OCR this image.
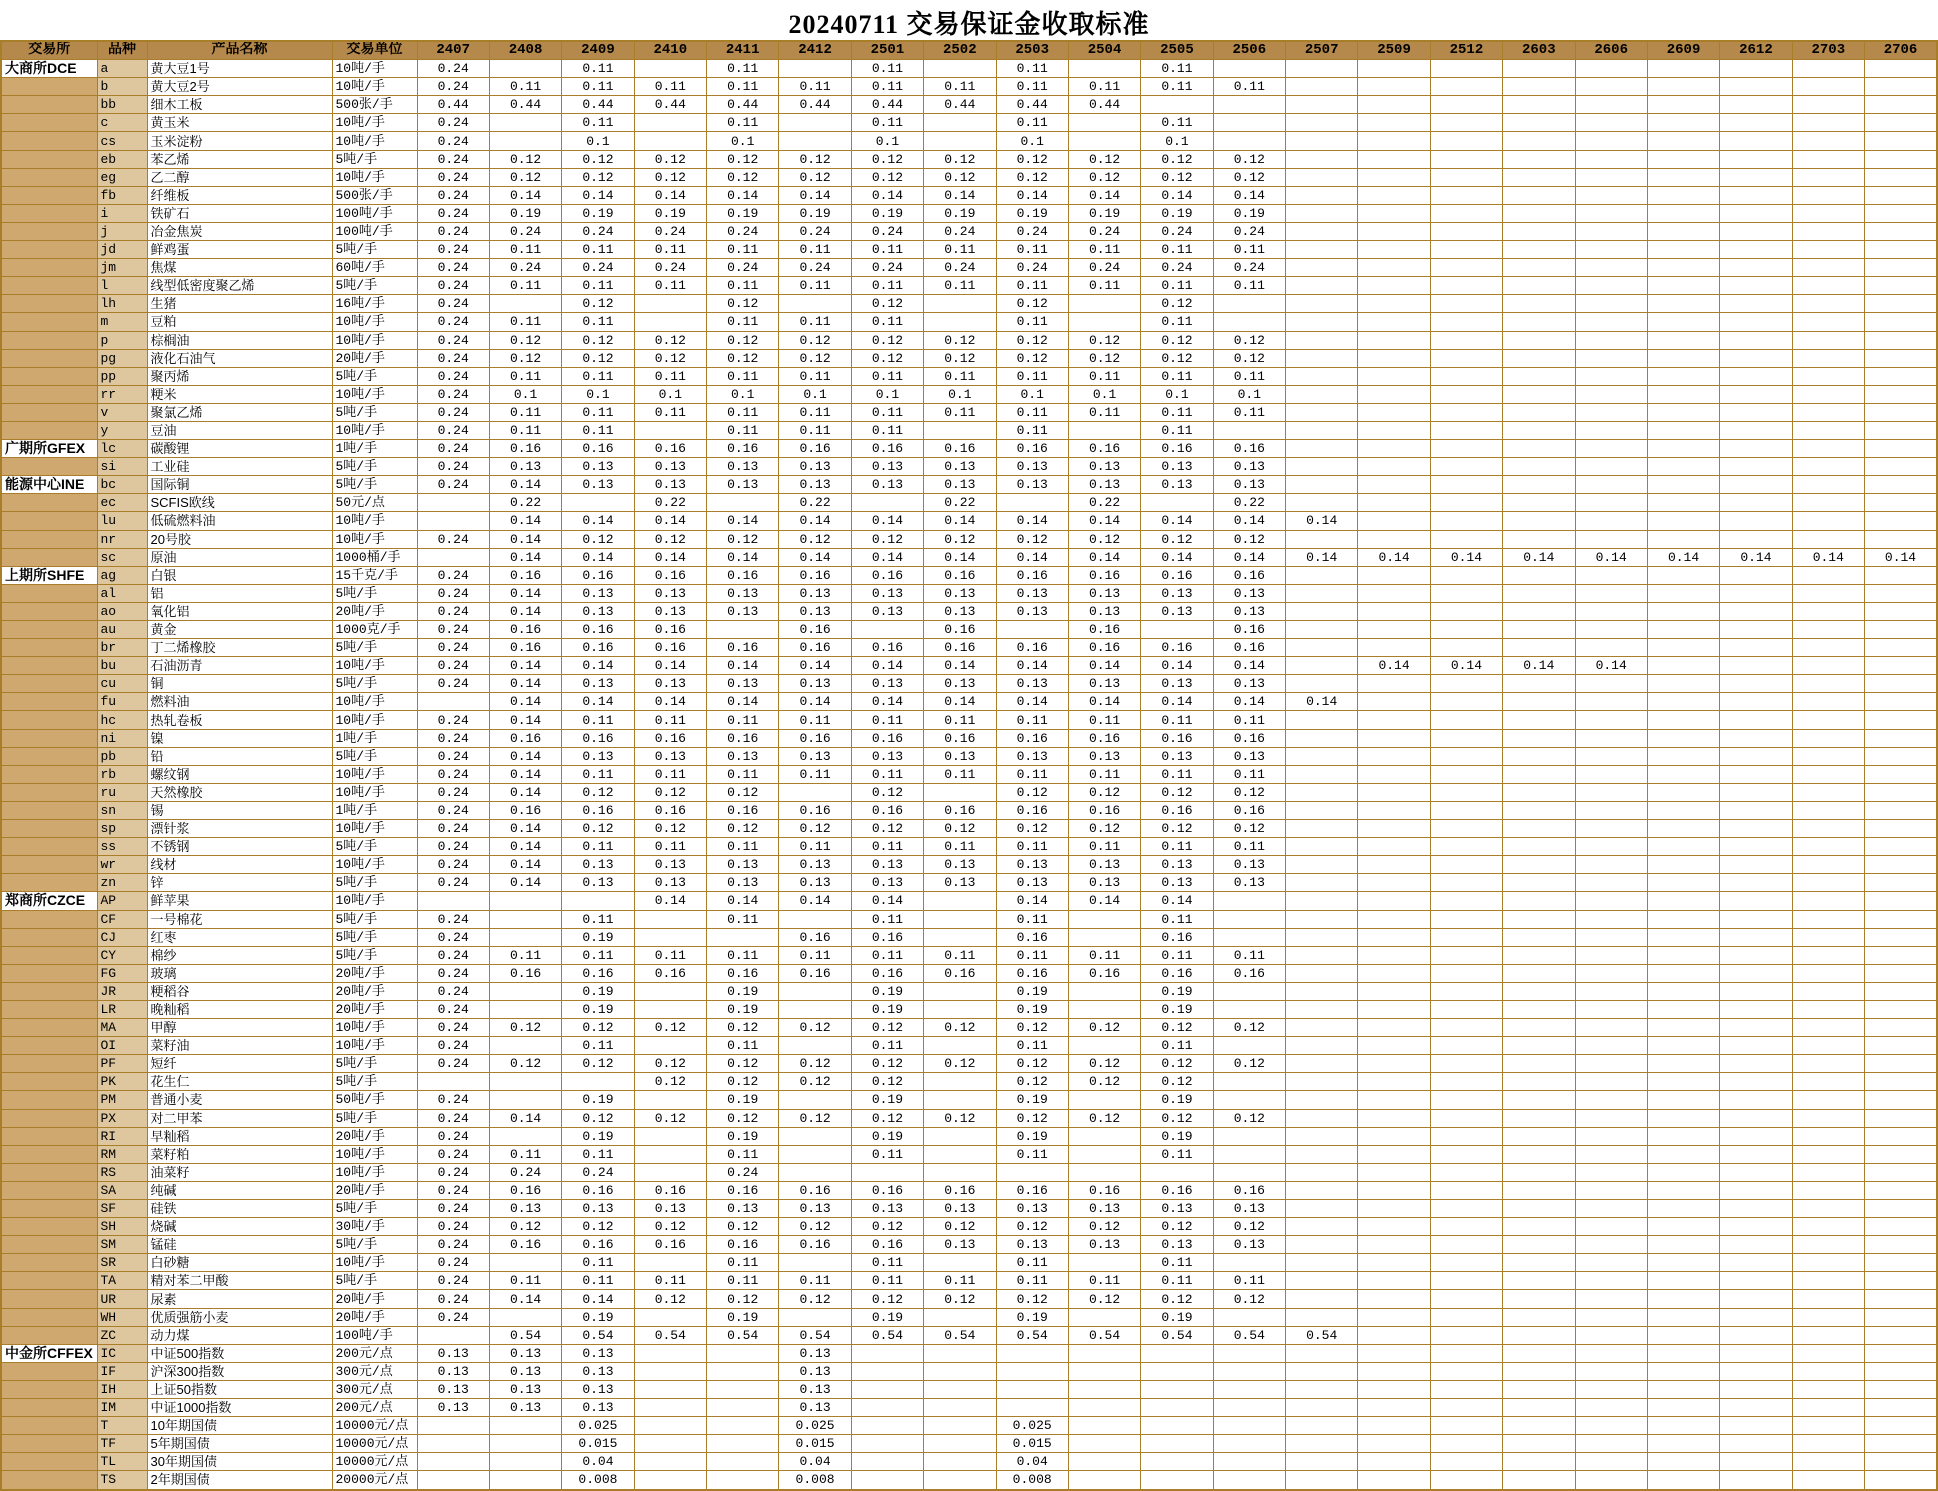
20240711 交易保证金收取标准
交易所	品种	产品名称	交易单位	2407	2408	2409	2410	2411	2412	2501	2502	2503	2504	2505	2506	2507	2509	2512	2603	2606	2609	2612	2703	2706
大商所DCE	a	黄大豆1号	10吨/手	0.24		0.11		0.11		0.11		0.11		0.11										
	b	黄大豆2号	10吨/手	0.24	0.11	0.11	0.11	0.11	0.11	0.11	0.11	0.11	0.11	0.11	0.11									
	bb	细木工板	500张/手	0.44	0.44	0.44	0.44	0.44	0.44	0.44	0.44	0.44	0.44											
	c	黄玉米	10吨/手	0.24		0.11		0.11		0.11		0.11		0.11										
	cs	玉米淀粉	10吨/手	0.24		0.1		0.1		0.1		0.1		0.1										
	eb	苯乙烯	5吨/手	0.24	0.12	0.12	0.12	0.12	0.12	0.12	0.12	0.12	0.12	0.12	0.12									
	eg	乙二醇	10吨/手	0.24	0.12	0.12	0.12	0.12	0.12	0.12	0.12	0.12	0.12	0.12	0.12									
	fb	纤维板	500张/手	0.24	0.14	0.14	0.14	0.14	0.14	0.14	0.14	0.14	0.14	0.14	0.14									
	i	铁矿石	100吨/手	0.24	0.19	0.19	0.19	0.19	0.19	0.19	0.19	0.19	0.19	0.19	0.19									
	j	冶金焦炭	100吨/手	0.24	0.24	0.24	0.24	0.24	0.24	0.24	0.24	0.24	0.24	0.24	0.24									
	jd	鲜鸡蛋	5吨/手	0.24	0.11	0.11	0.11	0.11	0.11	0.11	0.11	0.11	0.11	0.11	0.11									
	jm	焦煤	60吨/手	0.24	0.24	0.24	0.24	0.24	0.24	0.24	0.24	0.24	0.24	0.24	0.24									
	l	线型低密度聚乙烯	5吨/手	0.24	0.11	0.11	0.11	0.11	0.11	0.11	0.11	0.11	0.11	0.11	0.11									
	lh	生猪	16吨/手	0.24		0.12		0.12		0.12		0.12		0.12										
	m	豆粕	10吨/手	0.24	0.11	0.11		0.11	0.11	0.11		0.11		0.11										
	p	棕榈油	10吨/手	0.24	0.12	0.12	0.12	0.12	0.12	0.12	0.12	0.12	0.12	0.12	0.12									
	pg	液化石油气	20吨/手	0.24	0.12	0.12	0.12	0.12	0.12	0.12	0.12	0.12	0.12	0.12	0.12									
	pp	聚丙烯	5吨/手	0.24	0.11	0.11	0.11	0.11	0.11	0.11	0.11	0.11	0.11	0.11	0.11									
	rr	粳米	10吨/手	0.24	0.1	0.1	0.1	0.1	0.1	0.1	0.1	0.1	0.1	0.1	0.1									
	v	聚氯乙烯	5吨/手	0.24	0.11	0.11	0.11	0.11	0.11	0.11	0.11	0.11	0.11	0.11	0.11									
	y	豆油	10吨/手	0.24	0.11	0.11		0.11	0.11	0.11		0.11		0.11										
广期所GFEX	lc	碳酸锂	1吨/手	0.24	0.16	0.16	0.16	0.16	0.16	0.16	0.16	0.16	0.16	0.16	0.16									
	si	工业硅	5吨/手	0.24	0.13	0.13	0.13	0.13	0.13	0.13	0.13	0.13	0.13	0.13	0.13									
能源中心INE	bc	国际铜	5吨/手	0.24	0.14	0.13	0.13	0.13	0.13	0.13	0.13	0.13	0.13	0.13	0.13									
	ec	SCFIS欧线	50元/点		0.22		0.22		0.22		0.22		0.22		0.22									
	lu	低硫燃料油	10吨/手		0.14	0.14	0.14	0.14	0.14	0.14	0.14	0.14	0.14	0.14	0.14	0.14								
	nr	20号胶	10吨/手	0.24	0.14	0.12	0.12	0.12	0.12	0.12	0.12	0.12	0.12	0.12	0.12									
	sc	原油	1000桶/手		0.14	0.14	0.14	0.14	0.14	0.14	0.14	0.14	0.14	0.14	0.14	0.14	0.14	0.14	0.14	0.14	0.14	0.14	0.14	0.14
上期所SHFE	ag	白银	15千克/手	0.24	0.16	0.16	0.16	0.16	0.16	0.16	0.16	0.16	0.16	0.16	0.16									
	al	铝	5吨/手	0.24	0.14	0.13	0.13	0.13	0.13	0.13	0.13	0.13	0.13	0.13	0.13									
	ao	氧化铝	20吨/手	0.24	0.14	0.13	0.13	0.13	0.13	0.13	0.13	0.13	0.13	0.13	0.13									
	au	黄金	1000克/手	0.24	0.16	0.16	0.16		0.16		0.16		0.16		0.16									
	br	丁二烯橡胶	5吨/手	0.24	0.16	0.16	0.16	0.16	0.16	0.16	0.16	0.16	0.16	0.16	0.16									
	bu	石油沥青	10吨/手	0.24	0.14	0.14	0.14	0.14	0.14	0.14	0.14	0.14	0.14	0.14	0.14		0.14	0.14	0.14	0.14				
	cu	铜	5吨/手	0.24	0.14	0.13	0.13	0.13	0.13	0.13	0.13	0.13	0.13	0.13	0.13									
	fu	燃料油	10吨/手		0.14	0.14	0.14	0.14	0.14	0.14	0.14	0.14	0.14	0.14	0.14	0.14								
	hc	热轧卷板	10吨/手	0.24	0.14	0.11	0.11	0.11	0.11	0.11	0.11	0.11	0.11	0.11	0.11									
	ni	镍	1吨/手	0.24	0.16	0.16	0.16	0.16	0.16	0.16	0.16	0.16	0.16	0.16	0.16									
	pb	铅	5吨/手	0.24	0.14	0.13	0.13	0.13	0.13	0.13	0.13	0.13	0.13	0.13	0.13									
	rb	螺纹钢	10吨/手	0.24	0.14	0.11	0.11	0.11	0.11	0.11	0.11	0.11	0.11	0.11	0.11									
	ru	天然橡胶	10吨/手	0.24	0.14	0.12	0.12	0.12		0.12		0.12	0.12	0.12	0.12									
	sn	锡	1吨/手	0.24	0.16	0.16	0.16	0.16	0.16	0.16	0.16	0.16	0.16	0.16	0.16									
	sp	漂针浆	10吨/手	0.24	0.14	0.12	0.12	0.12	0.12	0.12	0.12	0.12	0.12	0.12	0.12									
	ss	不锈钢	5吨/手	0.24	0.14	0.11	0.11	0.11	0.11	0.11	0.11	0.11	0.11	0.11	0.11									
	wr	线材	10吨/手	0.24	0.14	0.13	0.13	0.13	0.13	0.13	0.13	0.13	0.13	0.13	0.13									
	zn	锌	5吨/手	0.24	0.14	0.13	0.13	0.13	0.13	0.13	0.13	0.13	0.13	0.13	0.13									
郑商所CZCE	AP	鲜苹果	10吨/手				0.14	0.14	0.14	0.14		0.14	0.14	0.14										
	CF	一号棉花	5吨/手	0.24		0.11		0.11		0.11		0.11		0.11										
	CJ	红枣	5吨/手	0.24		0.19			0.16	0.16		0.16		0.16										
	CY	棉纱	5吨/手	0.24	0.11	0.11	0.11	0.11	0.11	0.11	0.11	0.11	0.11	0.11	0.11									
	FG	玻璃	20吨/手	0.24	0.16	0.16	0.16	0.16	0.16	0.16	0.16	0.16	0.16	0.16	0.16									
	JR	粳稻谷	20吨/手	0.24		0.19		0.19		0.19		0.19		0.19										
	LR	晚籼稻	20吨/手	0.24		0.19		0.19		0.19		0.19		0.19										
	MA	甲醇	10吨/手	0.24	0.12	0.12	0.12	0.12	0.12	0.12	0.12	0.12	0.12	0.12	0.12									
	OI	菜籽油	10吨/手	0.24		0.11		0.11		0.11		0.11		0.11										
	PF	短纤	5吨/手	0.24	0.12	0.12	0.12	0.12	0.12	0.12	0.12	0.12	0.12	0.12	0.12									
	PK	花生仁	5吨/手				0.12	0.12	0.12	0.12		0.12	0.12	0.12										
	PM	普通小麦	50吨/手	0.24		0.19		0.19		0.19		0.19		0.19										
	PX	对二甲苯	5吨/手	0.24	0.14	0.12	0.12	0.12	0.12	0.12	0.12	0.12	0.12	0.12	0.12									
	RI	早籼稻	20吨/手	0.24		0.19		0.19		0.19		0.19		0.19										
	RM	菜籽粕	10吨/手	0.24	0.11	0.11		0.11		0.11		0.11		0.11										
	RS	油菜籽	10吨/手	0.24	0.24	0.24		0.24																
	SA	纯碱	20吨/手	0.24	0.16	0.16	0.16	0.16	0.16	0.16	0.16	0.16	0.16	0.16	0.16									
	SF	硅铁	5吨/手	0.24	0.13	0.13	0.13	0.13	0.13	0.13	0.13	0.13	0.13	0.13	0.13									
	SH	烧碱	30吨/手	0.24	0.12	0.12	0.12	0.12	0.12	0.12	0.12	0.12	0.12	0.12	0.12									
	SM	锰硅	5吨/手	0.24	0.16	0.16	0.16	0.16	0.16	0.16	0.13	0.13	0.13	0.13	0.13									
	SR	白砂糖	10吨/手	0.24		0.11		0.11		0.11		0.11		0.11										
	TA	精对苯二甲酸	5吨/手	0.24	0.11	0.11	0.11	0.11	0.11	0.11	0.11	0.11	0.11	0.11	0.11									
	UR	尿素	20吨/手	0.24	0.14	0.14	0.12	0.12	0.12	0.12	0.12	0.12	0.12	0.12	0.12									
	WH	优质强筋小麦	20吨/手	0.24		0.19		0.19		0.19		0.19		0.19										
	ZC	动力煤	100吨/手		0.54	0.54	0.54	0.54	0.54	0.54	0.54	0.54	0.54	0.54	0.54	0.54								
中金所CFFEX	IC	中证500指数	200元/点	0.13	0.13	0.13			0.13															
	IF	沪深300指数	300元/点	0.13	0.13	0.13			0.13															
	IH	上证50指数	300元/点	0.13	0.13	0.13			0.13															
	IM	中证1000指数	200元/点	0.13	0.13	0.13			0.13															
	T	10年期国债	10000元/点			0.025			0.025			0.025												
	TF	5年期国债	10000元/点			0.015			0.015			0.015												
	TL	30年期国债	10000元/点			0.04			0.04			0.04												
	TS	2年期国债	20000元/点			0.008			0.008			0.008												
